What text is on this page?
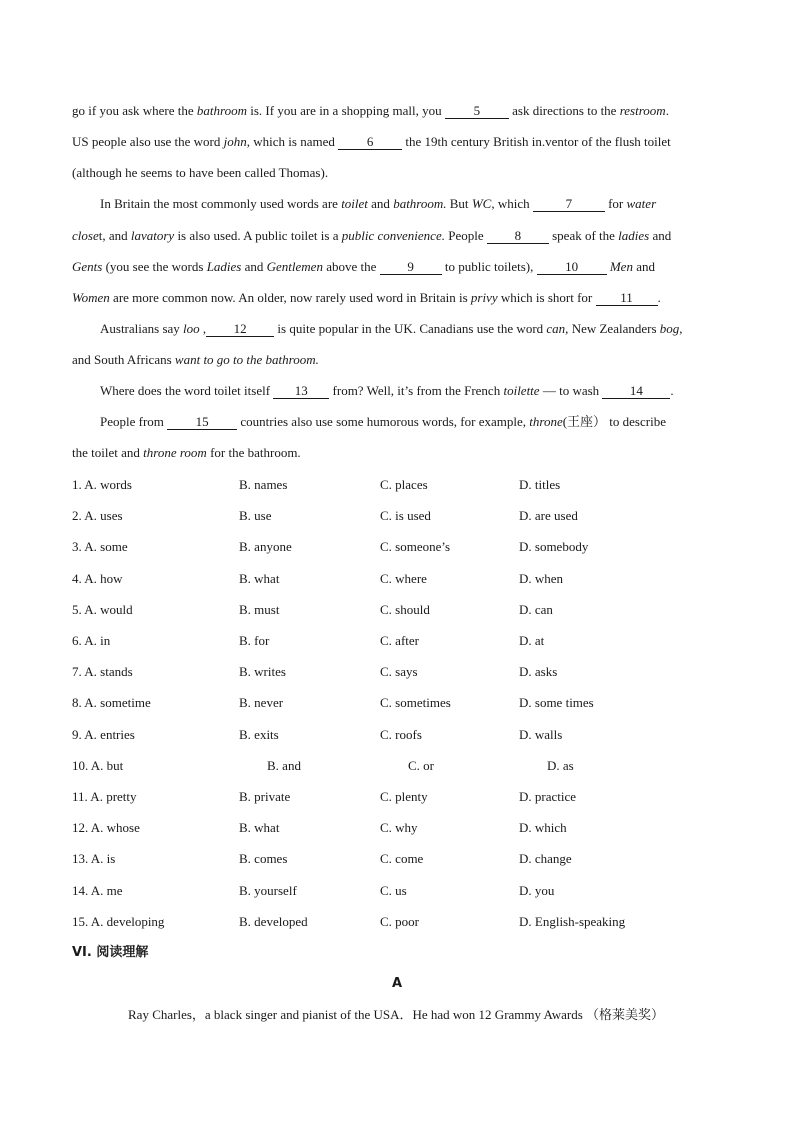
go if you ask where the bathroom is. If you are in a shopping mall, you 5 ask directions to the restroom.
US people also use the word john, which is named 6 the 19th century British in.ventor of the flush toilet
(although he seems to have been called Thomas).
In Britain the most commonly used words are toilet and bathroom. But WC, which	7	for water
closet, and lavatory is also used. A public toilet is a public convenience. People 8 speak of the ladies and
Gents (you see the words Ladies and Gentlemen above the 9 to public toilets), 10 Men and
Women are more common now. An older, now rarely used word in Britain is privy which is short for 11 .
Australians say loo , 12 is quite popular in the UK. Canadians use the word can, New Zealanders bog,
and South Africans want to go to the bathroom.
Where does the word toilet itself 13 from? Well, it’s from the French toilette — to wash 14 .
People from 15 countries also use some humorous words, for example, throne(王座） to describe
the toilet and throne room for the bathroom.
1. A. words	B. names	C. places	D. titles
2. A. uses	B. use	C. is used	D. are used
3. A. some	B. anyone	C. someone’s	D. somebody
4. A. how	B. what	C. where	D. when
5. A. would	B. must	C. should	D. can
6. A. in	B. for	C. after	D. at
7. A. stands	B. writes	C. says	D. asks
8. A. sometime	B. never	C. sometimes	D. some times
9. A. entries	B. exits	C. roofs	D. walls
10. A. but	B. and	C. or	D. as
11. A. pretty	B. private	C. plenty	D. practice
12. A. whose	B. what	C. why	D. which
13. A. is	B. comes	C. come	D. change
14. A. me	B. yourself	C. us	D. you
15. A. developing	B. developed	C. poor	D. English-speaking
VI. 阅读理解
A
Ray Charles，a black singer and pianist of the USA．He had won 12 Grammy Awards （格莱美奖）
